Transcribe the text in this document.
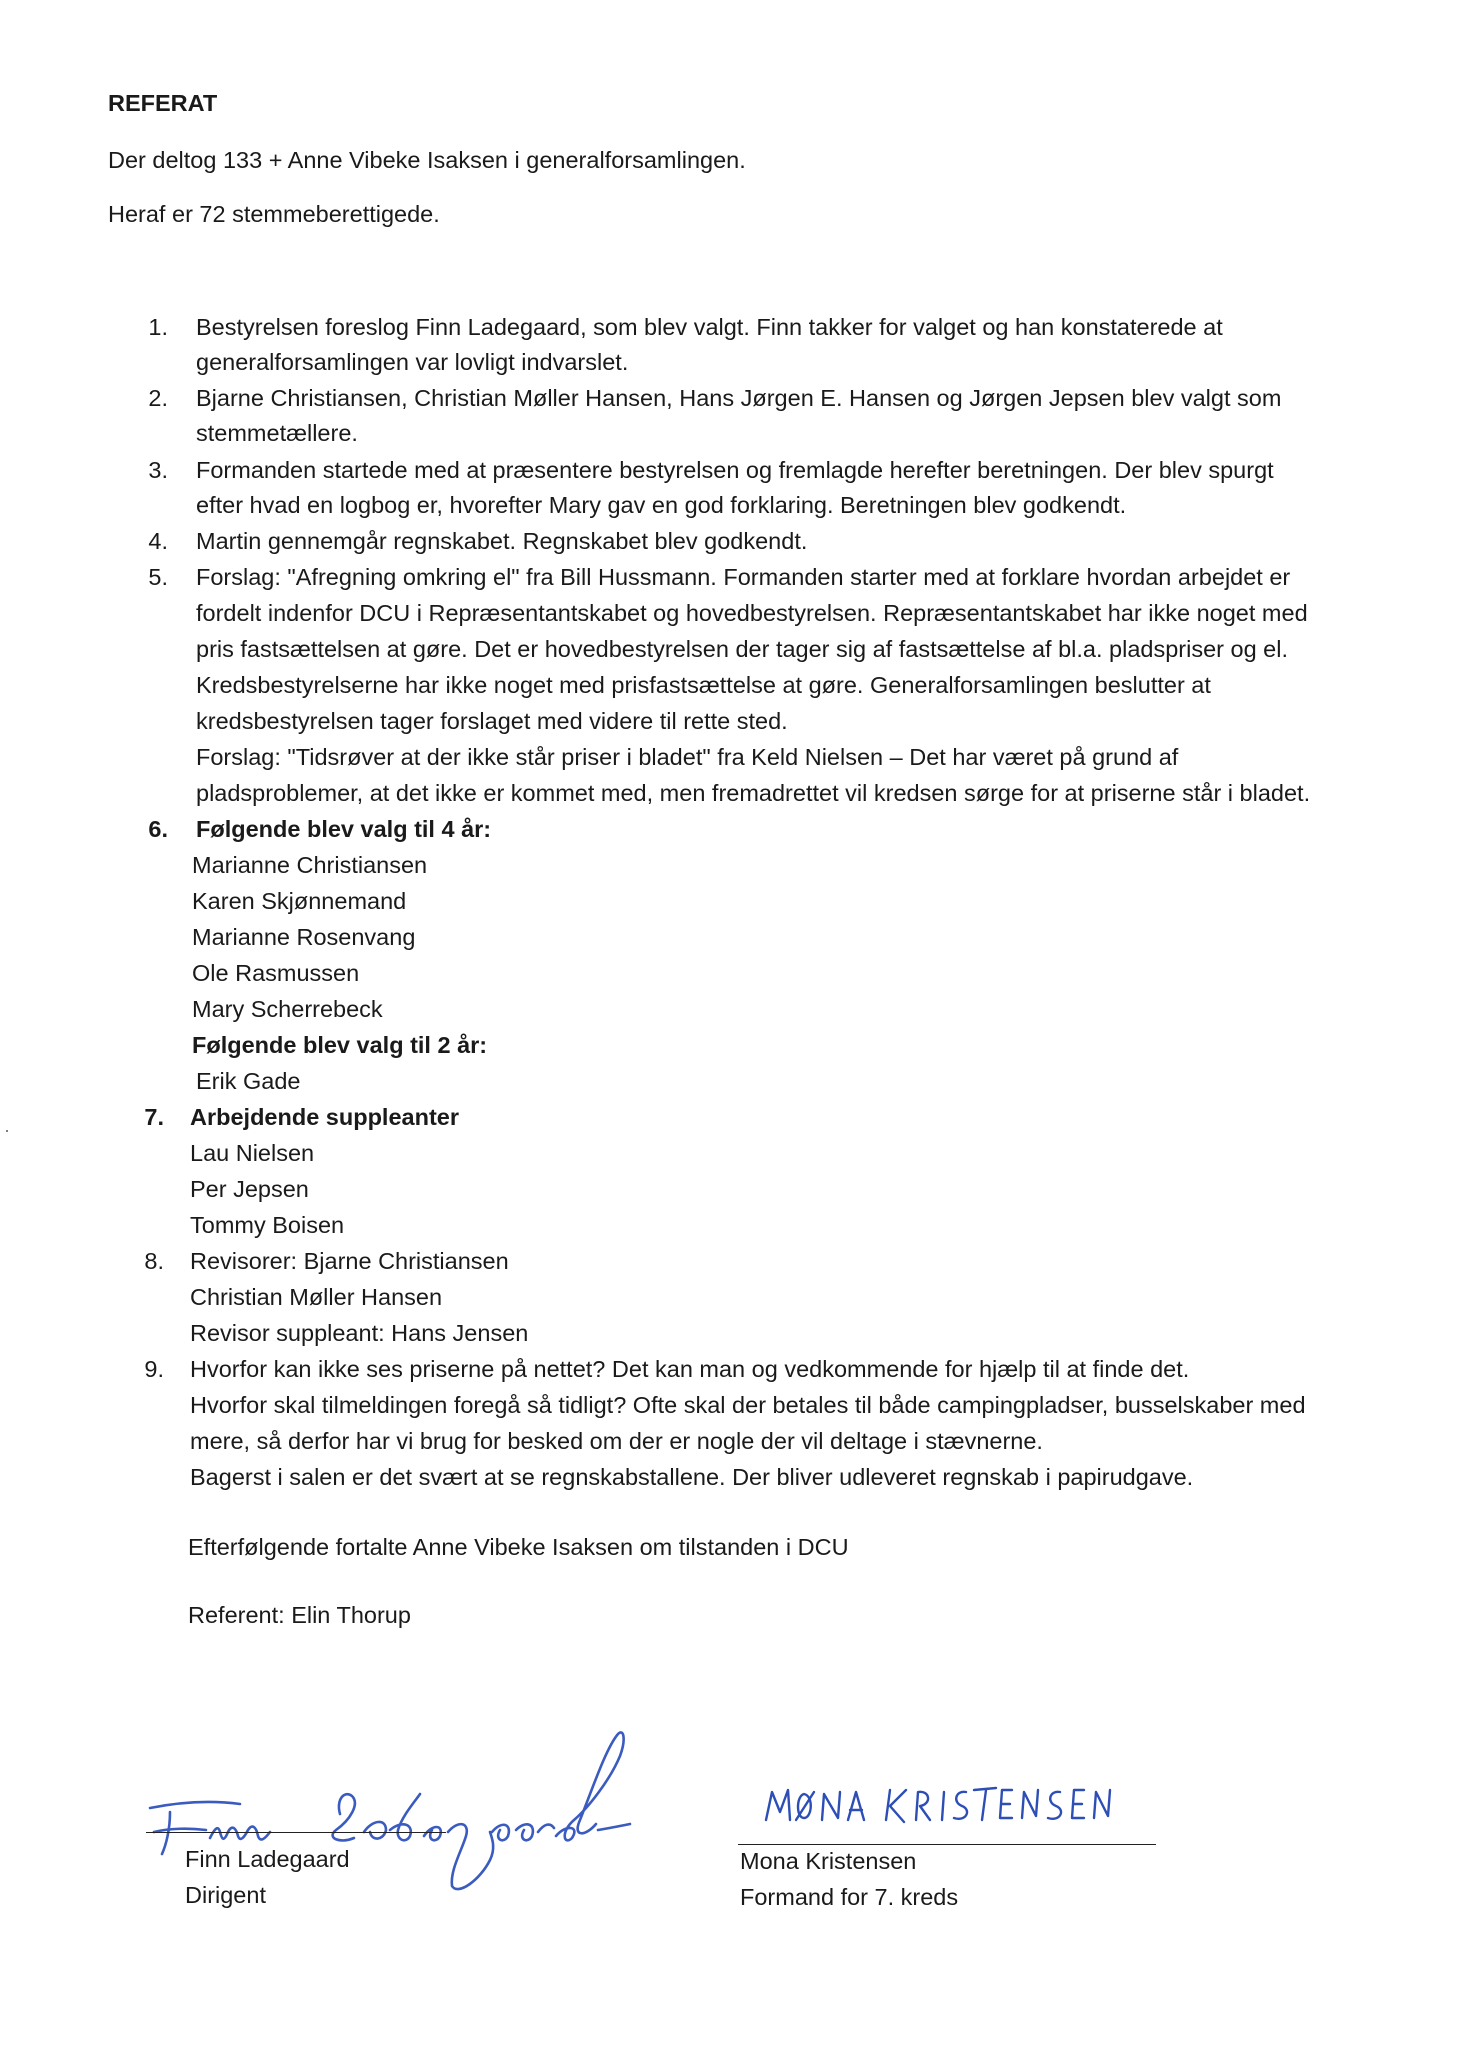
REFERAT
Der deltog 133 + Anne Vibeke Isaksen i generalforsamlingen.
Heraf er 72 stemmeberettigede.
1. Bestyrelsen foreslog Finn Ladegaard, som blev valgt. Finn takker for valget og han konstaterede at
generalforsamlingen var lovligt indvarslet.
2. Bjarne Christiansen, Christian Møller Hansen, Hans Jørgen E. Hansen og Jørgen Jepsen blev valgt som
stemmetællere.
3. Formanden startede med at præsentere bestyrelsen og fremlagde herefter beretningen. Der blev spurgt
efter hvad en logbog er, hvorefter Mary gav en god forklaring. Beretningen blev godkendt.
4. Martin gennemgår regnskabet. Regnskabet blev godkendt.
5. Forslag: "Afregning omkring el" fra Bill Hussmann. Formanden starter med at forklare hvordan arbejdet er
fordelt indenfor DCU i Repræsentantskabet og hovedbestyrelsen. Repræsentantskabet har ikke noget med
pris fastsættelsen at gøre. Det er hovedbestyrelsen der tager sig af fastsættelse af bl.a. pladspriser og el.
Kredsbestyrelserne har ikke noget med prisfastsættelse at gøre. Generalforsamlingen beslutter at
kredsbestyrelsen tager forslaget med videre til rette sted.
Forslag: "Tidsrøver at der ikke står priser i bladet" fra Keld Nielsen – Det har været på grund af
pladsproblemer, at det ikke er kommet med, men fremadrettet vil kredsen sørge for at priserne står i bladet.
6. Følgende blev valg til 4 år:
Marianne Christiansen
Karen Skjønnemand
Marianne Rosenvang
Ole Rasmussen
Mary Scherrebeck
Følgende blev valg til 2 år:
Erik Gade
7. Arbejdende suppleanter
Lau Nielsen
Per Jepsen
Tommy Boisen
8. Revisorer: Bjarne Christiansen
Christian Møller Hansen
Revisor suppleant: Hans Jensen
9. Hvorfor kan ikke ses priserne på nettet? Det kan man og vedkommende for hjælp til at finde det.
Hvorfor skal tilmeldingen foregå så tidligt? Ofte skal der betales til både campingpladser, busselskaber med
mere, så derfor har vi brug for besked om der er nogle der vil deltage i stævnerne.
Bagerst i salen er det svært at se regnskabstallene. Der bliver udleveret regnskab i papirudgave.
Efterfølgende fortalte Anne Vibeke Isaksen om tilstanden i DCU
Referent: Elin Thorup
Finn Ladegaard
Dirigent
Mona Kristensen
Formand for 7. kreds
